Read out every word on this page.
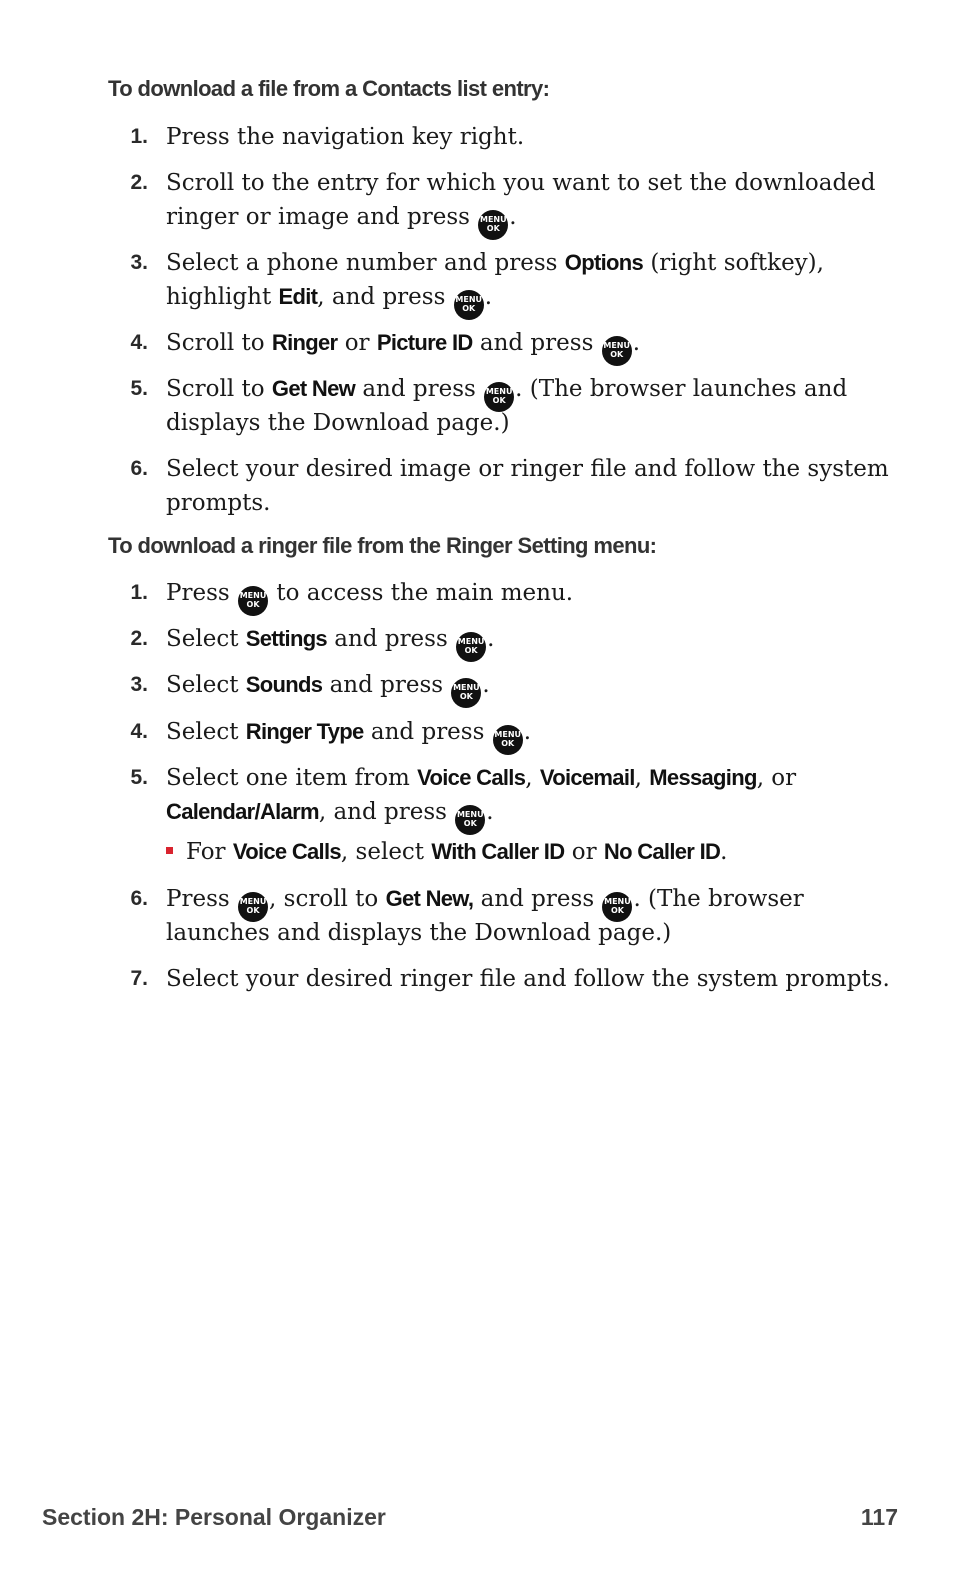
To download a file from a Contacts list entry:
1. Press the navigation key right.
2. Scroll to the entry for which you want to set the downloaded
ringer or image and press MENU
OK .
3. Select a phone number and press Options (right softkey),
highlight Edit, and press MENU
OK .
4. Scroll to Ringer or Picture ID and press MENU
OK .
5. Scroll to Get New and press MENU
OK . (The browser launches and
displays the Download page.)
6. Select your desired image or ringer file and follow the system
prompts.
To download a ringer file from the Ringer Setting menu:
1. Press MENU
OK to access the main menu.
2. Select Settings and press MENU
OK .
3. Select Sounds and press MENU
OK .
4. Select Ringer Type and press MENU
OK .
5. Select one item from Voice Calls, Voicemail, Messaging, or
Calendar/Alarm, and press MENU
OK .
For Voice Calls, select With Caller ID or No Caller ID.
6. Press MENU
OK , scroll to Get New, and press MENU
OK . (The browser
launches and displays the Download page.)
7. Select your desired ringer file and follow the system prompts.
Section 2H: Personal Organizer	117
